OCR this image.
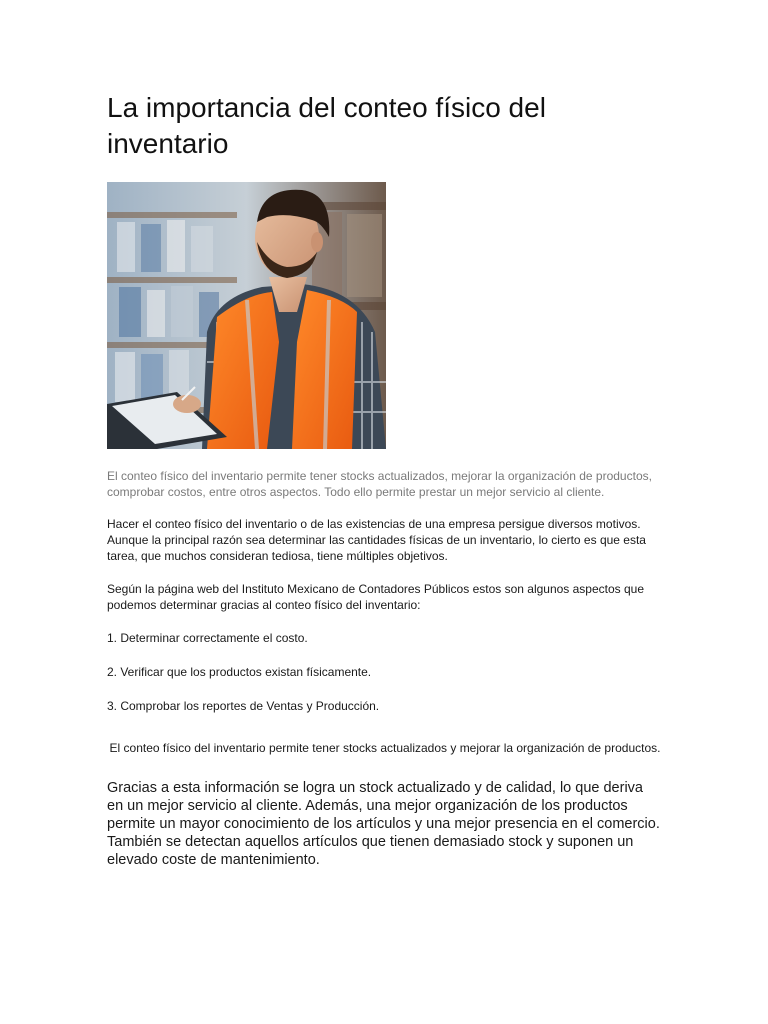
La importancia del conteo físico del inventario

El conteo físico del inventario permite tener stocks actualizados, mejorar la organización de productos, comprobar costos, entre otros aspectos. Todo ello permite prestar un mejor servicio al cliente.

Hacer el conteo físico del inventario o de las existencias de una empresa persigue diversos motivos. Aunque la principal razón sea determinar las cantidades físicas de un inventario, lo cierto es que esta tarea, que muchos consideran tediosa, tiene múltiples objetivos.

Según la página web del Instituto Mexicano de Contadores Públicos estos son algunos aspectos que podemos determinar gracias al conteo físico del inventario:

1. Determinar correctamente el costo.

2. Verificar que los productos existan físicamente.

3. Comprobar los reportes de Ventas y Producción.

El conteo físico del inventario permite tener stocks actualizados y mejorar la organización de productos.

Gracias a esta información se logra un stock actualizado y de calidad, lo que deriva en un mejor servicio al cliente. Además, una mejor organización de los productos permite un mayor conocimiento de los artículos y una mejor presencia en el comercio. También se detectan aquellos artículos que tienen demasiado stock y suponen un elevado coste de mantenimiento.
